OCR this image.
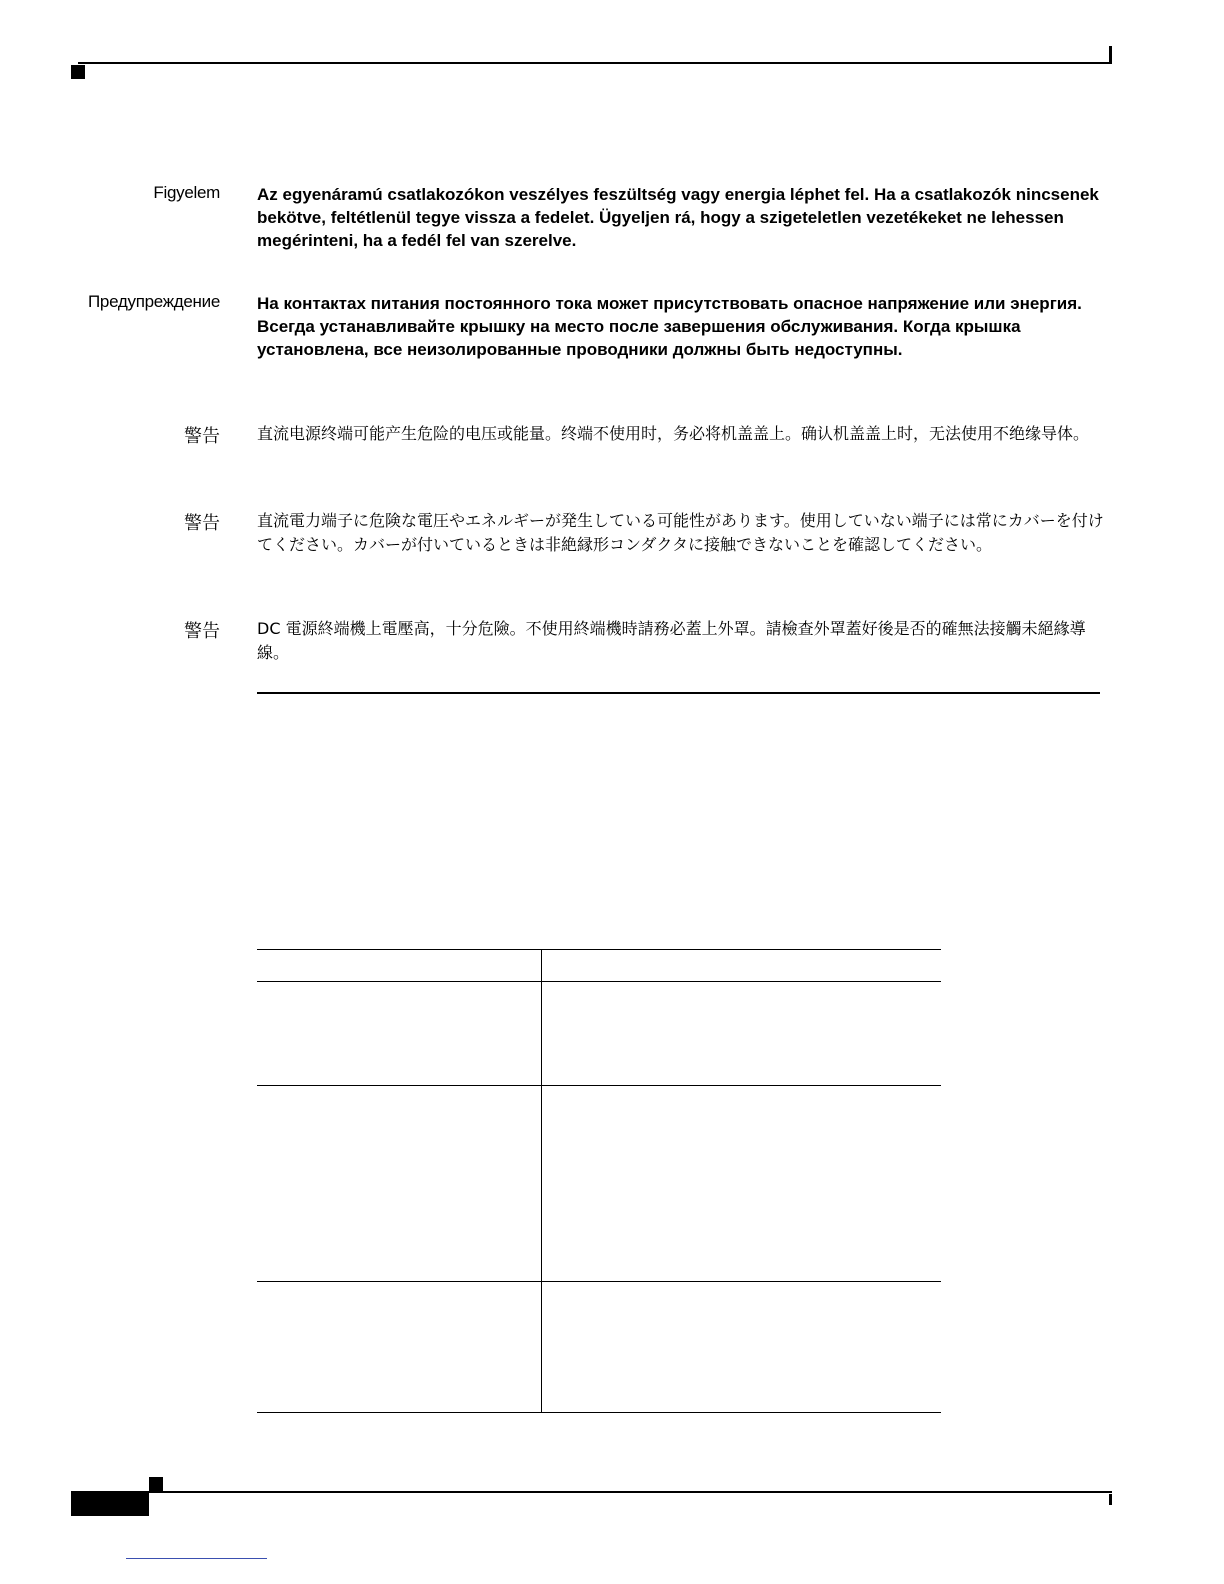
Figyelem Az egyenáramú csatlakozókon veszélyes feszültség vagy energia léphet fel. Ha a csatlakozók nincsenek bekötve, feltétlenül tegye vissza a fedelet. Ügyeljen rá, hogy a szigeteletlen vezetékeket ne lehessen megérinteni, ha a fedél fel van szerelve.
Предупреждение На контактах питания постоянного тока может присутствовать опасное напряжение или энергия. Всегда устанавливайте крышку на место после завершения обслуживания. Когда крышка установлена, все неизолированные проводники должны быть недоступны.
警告 直流电源终端可能产生危险的电压或能量。终端不使用时，务必将机盖盖上。确认机盖盖上时，无法使用不绝缘导体。
警告 直流電力端子に危険な電圧やエネルギーが発生している可能性があります。使用していない端子には常にカバーを付けてください。カバーが付いているときは非絶縁形コンダクタに接触できないことを確認してください。
警告 DC 電源終端機上電壓高，十分危險。不使用終端機時請務必蓋上外罩。請檢查外罩蓋好後是否的確無法接觸未絕緣導線。
